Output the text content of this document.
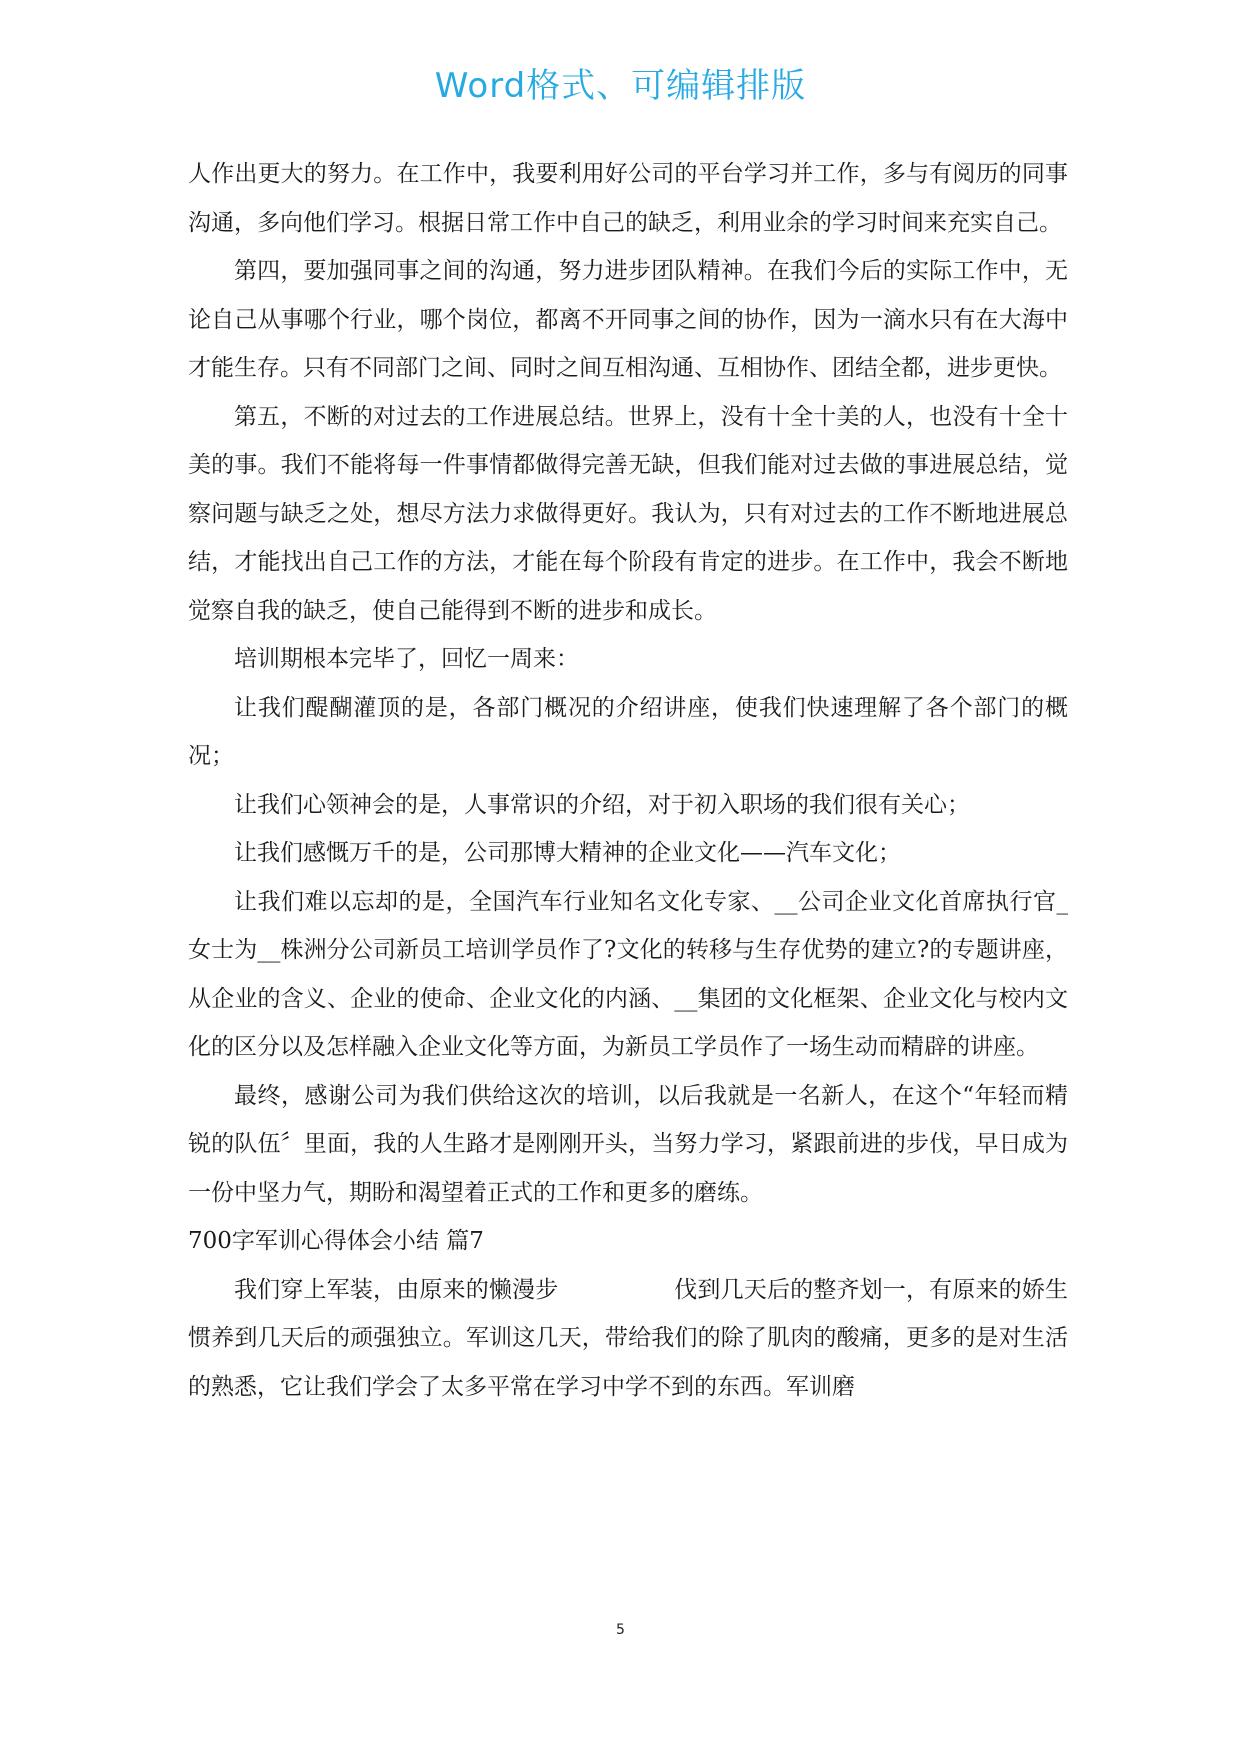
Word格式、可编辑排版

人作出更大的努力。在工作中，我要利用好公司的平台学习并工作，多与有阅历的同事沟通，多向他们学习。根据日常工作中自己的缺乏，利用业余的学习时间来充实自己。

第四，要加强同事之间的沟通，努力进步团队精神。在我们今后的实际工作中，无论自己从事哪个行业，哪个岗位，都离不开同事之间的协作，因为一滴水只有在大海中才能生存。只有不同部门之间、同时之间互相沟通、互相协作、团结全都，进步更快。

第五，不断的对过去的工作进展总结。世界上，没有十全十美的人，也没有十全十美的事。我们不能将每一件事情都做得完善无缺，但我们能对过去做的事进展总结，觉察问题与缺乏之处，想尽方法力求做得更好。我认为，只有对过去的工作不断地进展总结，才能找出自己工作的方法，才能在每个阶段有肯定的进步。在工作中，我会不断地觉察自我的缺乏，使自己能得到不断的进步和成长。

培训期根本完毕了，回忆一周来：

让我们醍醐灌顶的是，各部门概况的介绍讲座，使我们快速理解了各个部门的概况；

让我们心领神会的是，人事常识的介绍，对于初入职场的我们很有关心；

让我们感慨万千的是，公司那博大精神的企业文化——汽车文化；

让我们难以忘却的是，全国汽车行业知名文化专家、__公司企业文化首席执行官_女士为__株洲分公司新员工培训学员作了?文化的转移与生存优势的建立?的专题讲座，从企业的含义、企业的使命、企业文化的内涵、__集团的文化框架、企业文化与校内文化的区分以及怎样融入企业文化等方面，为新员工学员作了一场生动而精辟的讲座。

最终，感谢公司为我们供给这次的培训，以后我就是一名新人，在这个“年轻而精锐的队伍〞里面，我的人生路才是刚刚开头，当努力学习，紧跟前进的步伐，早日成为一份中坚力气，期盼和渴望着正式的工作和更多的磨练。

700字军训心得体会小结 篇7

我们穿上军装，由原来的懒漫步　　　　　伐到几天后的整齐划一，有原来的娇生惯养到几天后的顽强独立。军训这几天，带给我们的除了肌肉的酸痛，更多的是对生活的熟悉，它让我们学会了太多平常在学习中学不到的东西。军训磨

5
